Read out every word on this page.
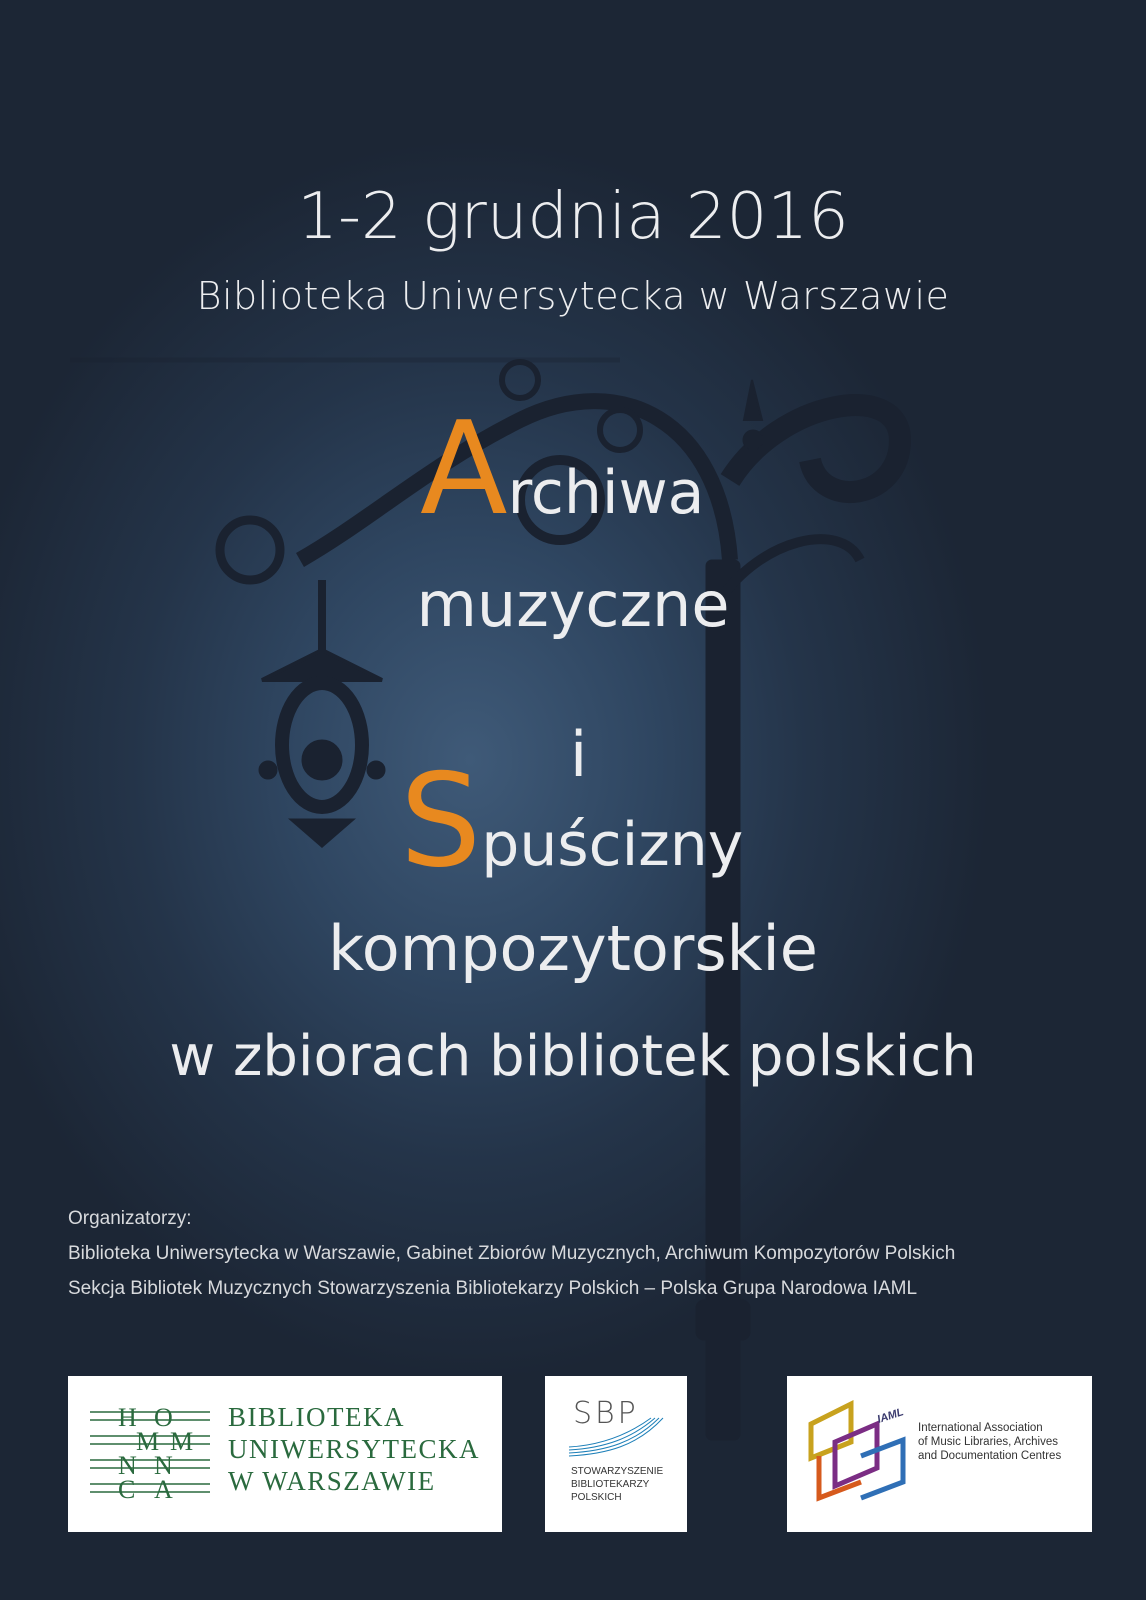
1-2 grudnia 2016
Biblioteka Uniwersytecka w Warszawie
Archiwa
muzyczne
i
Spuścizny
kompozytorskie
w zbiorach bibliotek polskich
Organizatorzy:
Biblioteka Uniwersytecka w Warszawie, Gabinet Zbiorów Muzycznych, Archiwum Kompozytorów Polskich
Sekcja Bibliotek Muzycznych Stowarzyszenia Bibliotekarzy Polskich – Polska Grupa Narodowa IAML
H O
M M
N N
C A
BIBLIOTEKA
UNIWERSYTECKA
W WARSZAWIE
SBP
STOWARZYSZENIE
BIBLIOTEKARZY
POLSKICH
IAML
International Association
of Music Libraries, Archives
and Documentation Centres
